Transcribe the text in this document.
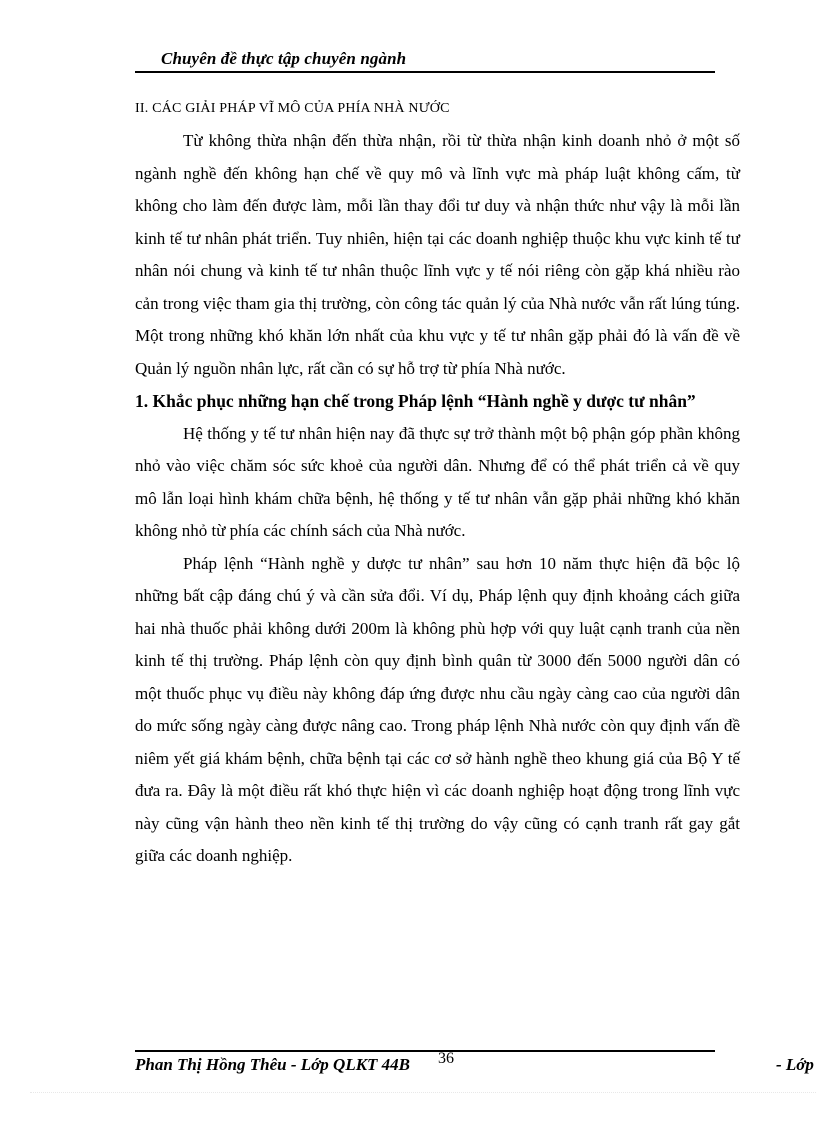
Chuyên đề thực tập chuyên ngành

II. CÁC GIẢI PHÁP VĨ MÔ CỦA PHÍA NHÀ NƯỚC

Từ không thừa nhận đến thừa nhận, rồi từ thừa nhận kinh doanh nhỏ ở một số ngành nghề đến không hạn chế về quy mô và lĩnh vực mà pháp luật không cấm, từ không cho làm đến được làm, mỗi lần thay đổi tư duy và nhận thức như vậy là mỗi lần kinh tế tư nhân phát triển. Tuy nhiên, hiện tại các doanh nghiệp thuộc khu vực kinh tế tư nhân nói chung và kinh tế tư nhân thuộc lĩnh vực y tế nói riêng còn gặp khá nhiều rào cản trong việc tham gia thị trường, còn công tác quản lý của Nhà nước vẫn rất lúng túng. Một trong những khó khăn lớn nhất của khu vực y tế tư nhân gặp phải đó là vấn đề về Quản lý nguồn nhân lực, rất cần có sự hỗ trợ từ phía Nhà nước.

1. Khắc phục những hạn chế trong Pháp lệnh “Hành nghề y dược tư nhân”

Hệ thống y tế tư nhân hiện nay đã thực sự trở thành một bộ phận góp phần không nhỏ vào việc chăm sóc sức khoẻ của người dân. Nhưng để có thể phát triển cả về quy mô lẫn loại hình khám chữa bệnh, hệ thống y tế tư nhân vẫn gặp phải những khó khăn không nhỏ từ phía các chính sách của Nhà nước.

Pháp lệnh “Hành nghề y dược tư nhân” sau hơn 10 năm thực hiện đã bộc lộ những bất cập đáng chú ý và cần sửa đổi. Ví dụ, Pháp lệnh quy định khoảng cách giữa hai nhà thuốc phải không dưới 200m là không phù hợp với quy luật cạnh tranh của nền kinh tế thị trường. Pháp lệnh còn quy định bình quân từ 3000 đến 5000 người dân có một thuốc phục vụ điều này không đáp ứng được nhu cầu ngày càng cao của người dân do mức sống ngày càng được nâng cao. Trong pháp lệnh Nhà nước còn quy định vấn đề niêm yết giá khám bệnh, chữa bệnh tại các cơ sở hành nghề theo khung giá của Bộ Y tế đưa ra. Đây là một điều rất khó thực hiện vì các doanh nghiệp hoạt động trong lĩnh vực này cũng vận hành theo nền kinh tế thị trường do vậy cũng có cạnh tranh rất gay gắt giữa các doanh nghiệp.

Phan Thị Hồng Thêu - Lớp QLKT 44B 36	- Lớp
